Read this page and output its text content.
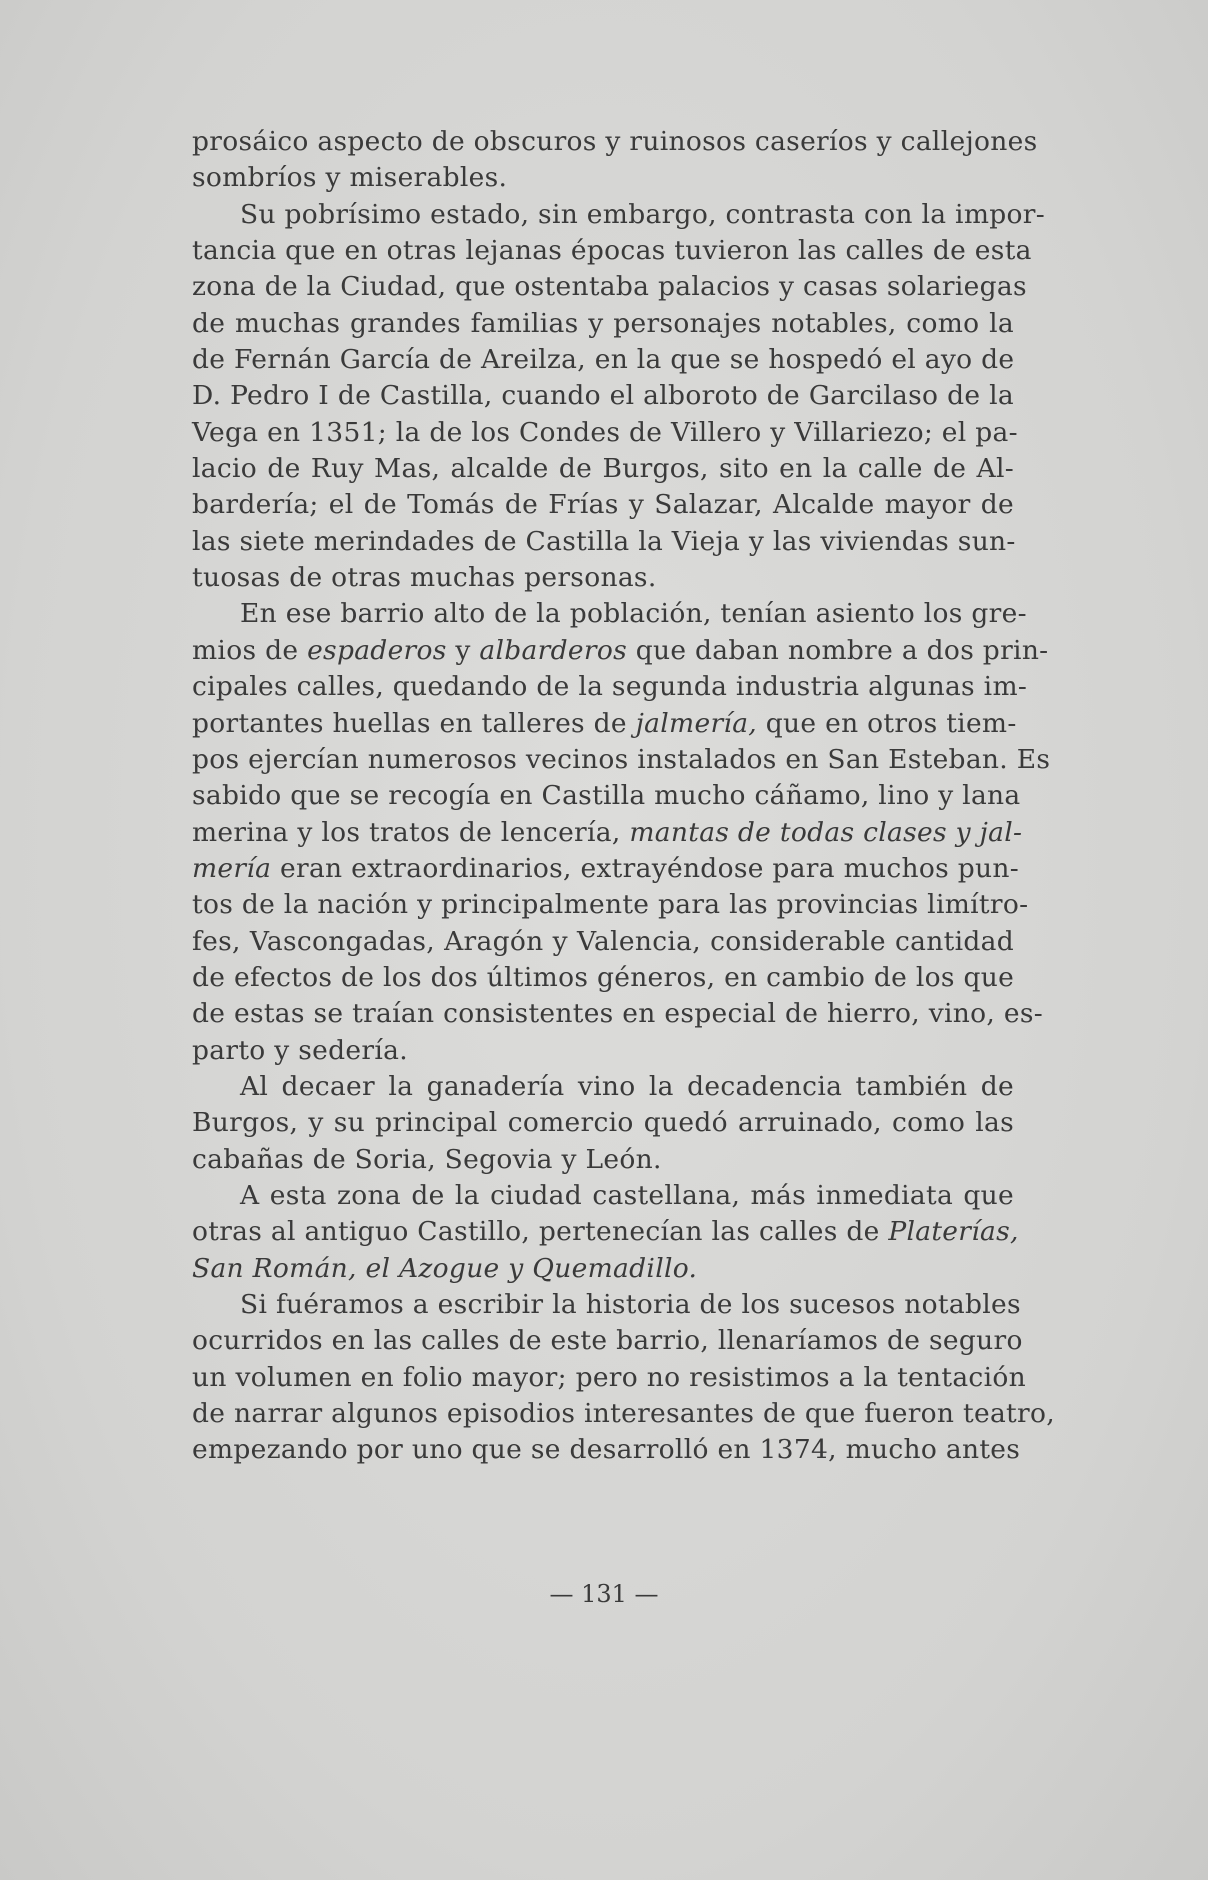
prosáico aspecto de obscuros y ruinosos caseríos y callejones
sombríos y miserables.
Su pobrísimo estado, sin embargo, contrasta con la impor-
tancia que en otras lejanas épocas tuvieron las calles de esta
zona de la Ciudad, que ostentaba palacios y casas solariegas
de muchas grandes familias y personajes notables, como la
de Fernán García de Areilza, en la que se hospedó el ayo de
D. Pedro I de Castilla, cuando el alboroto de Garcilaso de la
Vega en 1351; la de los Condes de Villero y Villariezo; el pa-
lacio de Ruy Mas, alcalde de Burgos, sito en la calle de Al-
bardería; el de Tomás de Frías y Salazar, Alcalde mayor de
las siete merindades de Castilla la Vieja y las viviendas sun-
tuosas de otras muchas personas.
En ese barrio alto de la población, tenían asiento los gre-
mios de espaderos y albarderos que daban nombre a dos prin-
cipales calles, quedando de la segunda industria algunas im-
portantes huellas en talleres de jalmería, que en otros tiem-
pos ejercían numerosos vecinos instalados en San Esteban. Es
sabido que se recogía en Castilla mucho cáñamo, lino y lana
merina y los tratos de lencería, mantas de todas clases y jal-
mería eran extraordinarios, extrayéndose para muchos pun-
tos de la nación y principalmente para las provincias limítro-
fes, Vascongadas, Aragón y Valencia, considerable cantidad
de efectos de los dos últimos géneros, en cambio de los que
de estas se traían consistentes en especial de hierro, vino, es-
parto y sedería.
Al decaer la ganadería vino la decadencia también de
Burgos, y su principal comercio quedó arruinado, como las
cabañas de Soria, Segovia y León.
A esta zona de la ciudad castellana, más inmediata que
otras al antiguo Castillo, pertenecían las calles de Platerías,
San Román, el Azogue y Quemadillo.
Si fuéramos a escribir la historia de los sucesos notables
ocurridos en las calles de este barrio, llenaríamos de seguro
un volumen en folio mayor; pero no resistimos a la tentación
de narrar algunos episodios interesantes de que fueron teatro,
empezando por uno que se desarrolló en 1374, mucho antes
— 131 —
